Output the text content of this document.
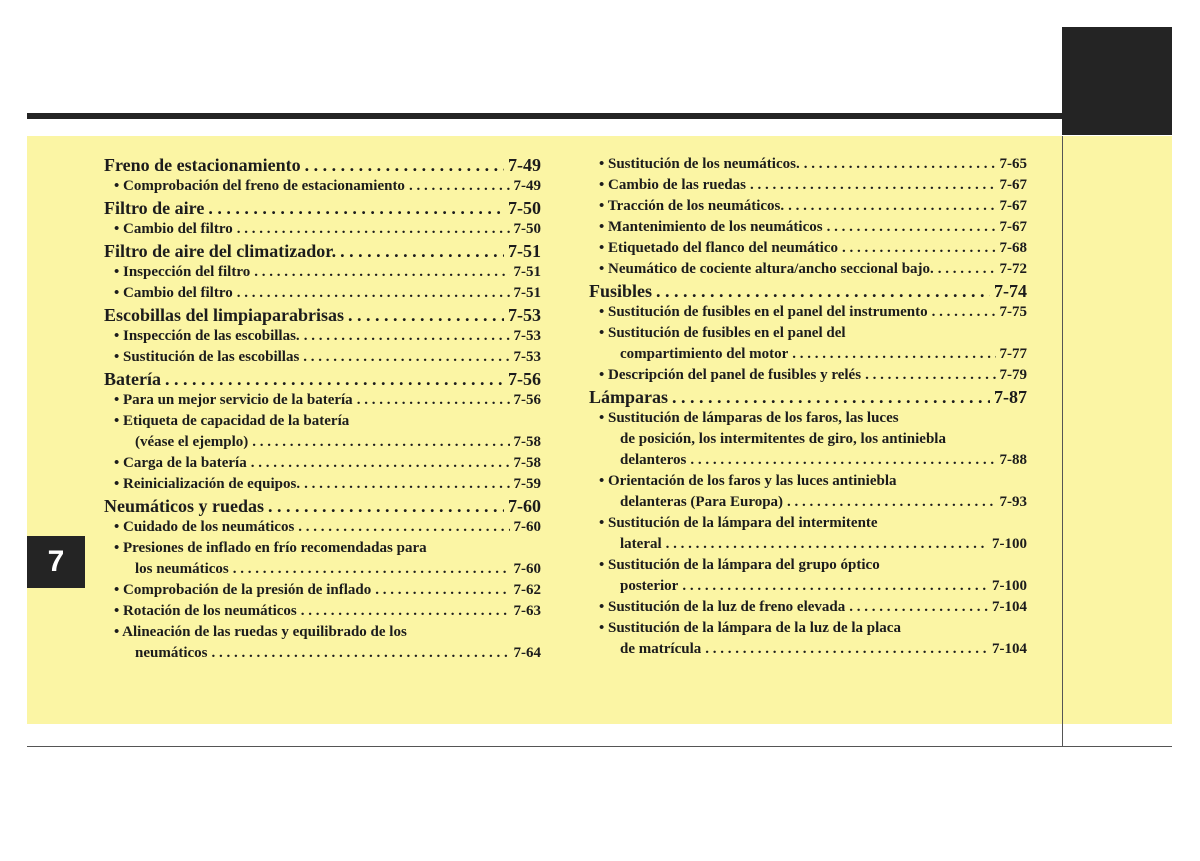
7
Freno de estacionamiento . . .	7-49
• Comprobación del freno de estacionamiento . . .	7-49
Filtro de aire . . .	7-50
• Cambio del filtro . . .	7-50
Filtro de aire del climatizador. . . .	7-51
• Inspección del filtro . . .	7-51
• Cambio del filtro . . .	7-51
Escobillas del limpiaparabrisas . . .	7-53
• Inspección de las escobillas. . . .	7-53
• Sustitución de las escobillas . . .	7-53
Batería . . .	7-56
• Para un mejor servicio de la batería . . .	7-56
• Etiqueta de capacidad de la batería
(véase el ejemplo) . . .	7-58
• Carga de la batería . . .	7-58
• Reinicialización de equipos. . . .	7-59
Neumáticos y ruedas . . .	7-60
• Cuidado de los neumáticos . . .	7-60
• Presiones de inflado en frío recomendadas para
los neumáticos . . .	7-60
• Comprobación de la presión de inflado . . .	7-62
• Rotación de los neumáticos . . .	7-63
• Alineación de las ruedas y equilibrado de los
neumáticos . . .	7-64
• Sustitución de los neumáticos. . . .	7-65
• Cambio de las ruedas . . .	7-67
• Tracción de los neumáticos. . . .	7-67
• Mantenimiento de los neumáticos . . .	7-67
• Etiquetado del flanco del neumático . . .	7-68
• Neumático de cociente altura/ancho seccional bajo. . . .	7-72
Fusibles . . .	7-74
• Sustitución de fusibles en el panel del instrumento . . .	7-75
• Sustitución de fusibles en el panel del
compartimiento del motor . . .	7-77
• Descripción del panel de fusibles y relés . . .	7-79
Lámparas . . .	7-87
• Sustitución de lámparas de los faros, las luces
de posición, los intermitentes de giro, los antiniebla
delanteros . . .	7-88
• Orientación de los faros y las luces antiniebla
delanteras (Para Europa) . . .	7-93
• Sustitución de la lámpara del intermitente
lateral . . .	7-100
• Sustitución de la lámpara del grupo óptico
posterior . . .	7-100
• Sustitución de la luz de freno elevada . . .	7-104
• Sustitución de la lámpara de la luz de la placa
de matrícula . . .	7-104
